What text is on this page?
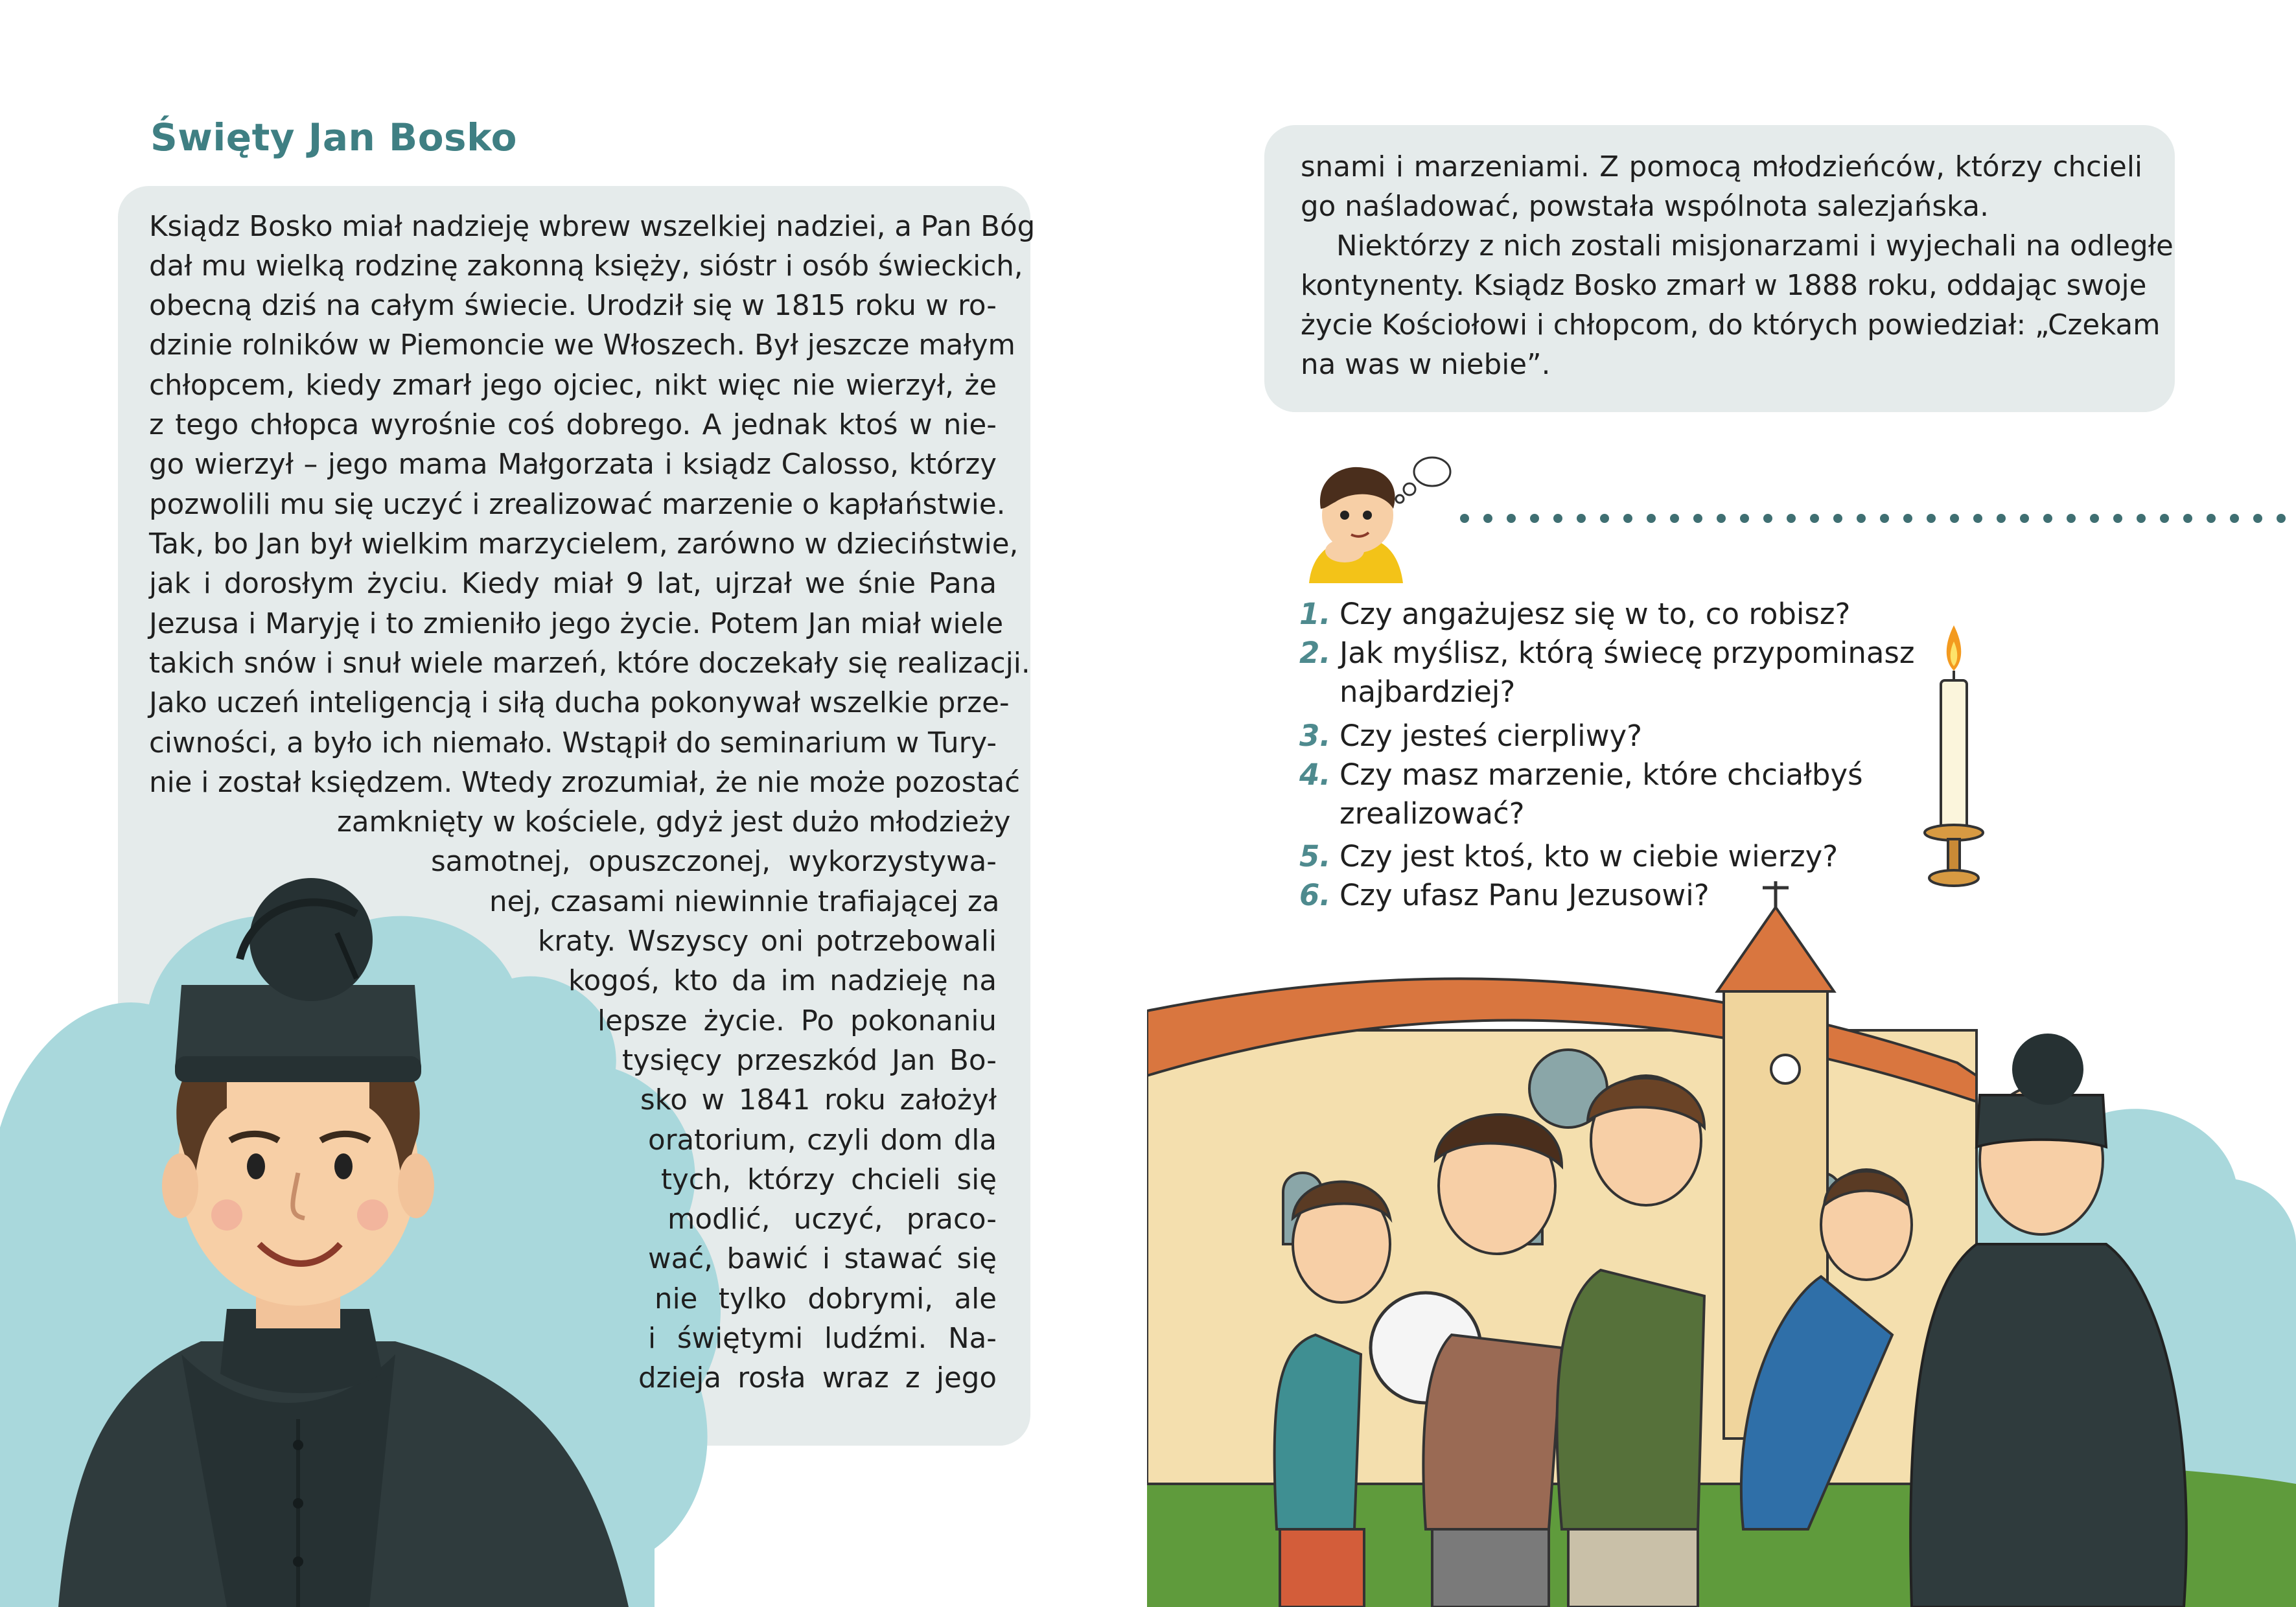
Święty Jan Bosko
Ksiądz Bosko miał nadzieję wbrew wszelkiej nadziei, a Pan Bóg
dał mu wielką rodzinę zakonną księży, sióstr i osób świeckich,
obecną dziś na całym świecie. Urodził się w 1815 roku w ro-
dzinie rolników w Piemoncie we Włoszech. Był jeszcze małym
chłopcem, kiedy zmarł jego ojciec, nikt więc nie wierzył, że
z tego chłopca wyrośnie coś dobrego. A jednak ktoś w nie-
go wierzył – jego mama Małgorzata i ksiądz Calosso, którzy
pozwolili mu się uczyć i zrealizować marzenie o kapłaństwie.
Tak, bo Jan był wielkim marzycielem, zarówno w dzieciństwie,
jak i dorosłym życiu. Kiedy miał 9 lat, ujrzał we śnie Pana
Jezusa i Maryję i to zmieniło jego życie. Potem Jan miał wiele
takich snów i snuł wiele marzeń, które doczekały się realizacji.
Jako uczeń inteligencją i siłą ducha pokonywał wszelkie prze-
ciwności, a było ich niemało. Wstąpił do seminarium w Tury-
nie i został księdzem. Wtedy zrozumiał, że nie może pozostać
zamknięty w kościele, gdyż jest dużo młodzieży
samotnej, opuszczonej, wykorzystywa-
nej, czasami niewinnie trafiającej za
kraty. Wszyscy oni potrzebowali
kogoś, kto da im nadzieję na
lepsze życie. Po pokonaniu
tysięcy przeszkód Jan Bo-
sko w 1841 roku założył
oratorium, czyli dom dla
tych, którzy chcieli się
modlić, uczyć, praco-
wać, bawić i stawać się
nie tylko dobrymi, ale
i świętymi ludźmi. Na-
dzieja rosła wraz z jego
snami i marzeniami. Z pomocą młodzieńców, którzy chcieli
go naśladować, powstała wspólnota salezjańska.
Niektórzy z nich zostali misjonarzami i wyjechali na odległe
kontynenty. Ksiądz Bosko zmarł w 1888 roku, oddając swoje
życie Kościołowi i chłopcom, do których powiedział: „Czekam
na was w niebie”.
1. Czy angażujesz się w to, co robisz?
2. Jak myślisz, którą świecę przypominasz
najbardziej?
3. Czy jesteś cierpliwy?
4. Czy masz marzenie, które chciałbyś
zrealizować?
5. Czy jest ktoś, kto w ciebie wierzy?
6. Czy ufasz Panu Jezusowi?
